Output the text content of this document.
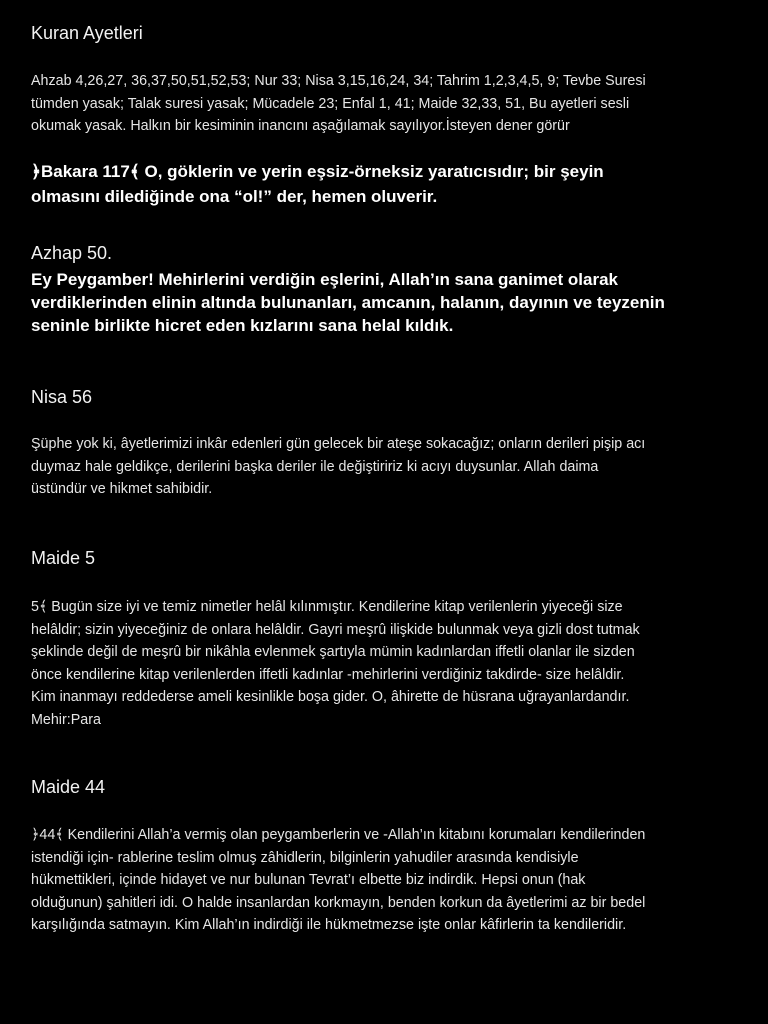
Kuran Ayetleri
Ahzab 4,26,27, 36,37,50,51,52,53; Nur 33; Nisa 3,15,16,24, 34; Tahrim 1,2,3,4,5, 9; Tevbe Suresi
tümden yasak; Talak suresi yasak; Mücadele 23; Enfal 1, 41; Maide 32,33, 51, Bu ayetleri sesli
okumak yasak. Halkın bir kesiminin inancını aşağılamak sayılıyor.İsteyen dener görür
﴿Bakara 117﴾ O, göklerin ve yerin eşsiz-örneksiz yaratıcısıdır; bir şeyin
olmasını dilediğinde ona “ol!” der, hemen oluverir.
Azhap 50.
Ey Peygamber! Mehirlerini verdiğin eşlerini, Allah’ın sana ganimet olarak
verdiklerinden elinin altında bulunanları, amcanın, halanın, dayının ve teyzenin
seninle birlikte hicret eden kızlarını sana helal kıldık.
Nisa 56
Şüphe yok ki, âyetlerimizi inkâr edenleri gün gelecek bir ateşe sokacağız; onların derileri pişip acı
duymaz hale geldikçe, derilerini başka deriler ile değiştiririz ki acıyı duysunlar. Allah daima
üstündür ve hikmet sahibidir.
Maide 5
5﴾ Bugün size iyi ve temiz nimetler helâl kılınmıştır. Kendilerine kitap verilenlerin yiyeceği size
helâldir; sizin yiyeceğiniz de onlara helâldir. Gayri meşrû ilişkide bulunmak veya gizli dost tutmak
şeklinde değil de meşrû bir nikâhla evlenmek şartıyla mümin kadınlardan iffetli olanlar ile sizden
önce kendilerine kitap verilenlerden iffetli kadınlar -mehirlerini verdiğiniz takdirde- size helâldir.
Kim inanmayı reddederse ameli kesinlikle boşa gider. O, âhirette de hüsrana uğrayanlardandır.
Mehir:Para
Maide 44
﴿44﴾ Kendilerini Allah’a vermiş olan peygamberlerin ve -Allah’ın kitabını korumaları kendilerinden
istendiği için- rablerine teslim olmuş zâhidlerin, bilginlerin yahudiler arasında kendisiyle
hükmettikleri, içinde hidayet ve nur bulunan Tevrat’ı elbette biz indirdik. Hepsi onun (hak
olduğunun) şahitleri idi. O halde insanlardan korkmayın, benden korkun da âyetlerimi az bir bedel
karşılığında satmayın. Kim Allah’ın indirdiği ile hükmetmezse işte onlar kâfirlerin ta kendileridir.
